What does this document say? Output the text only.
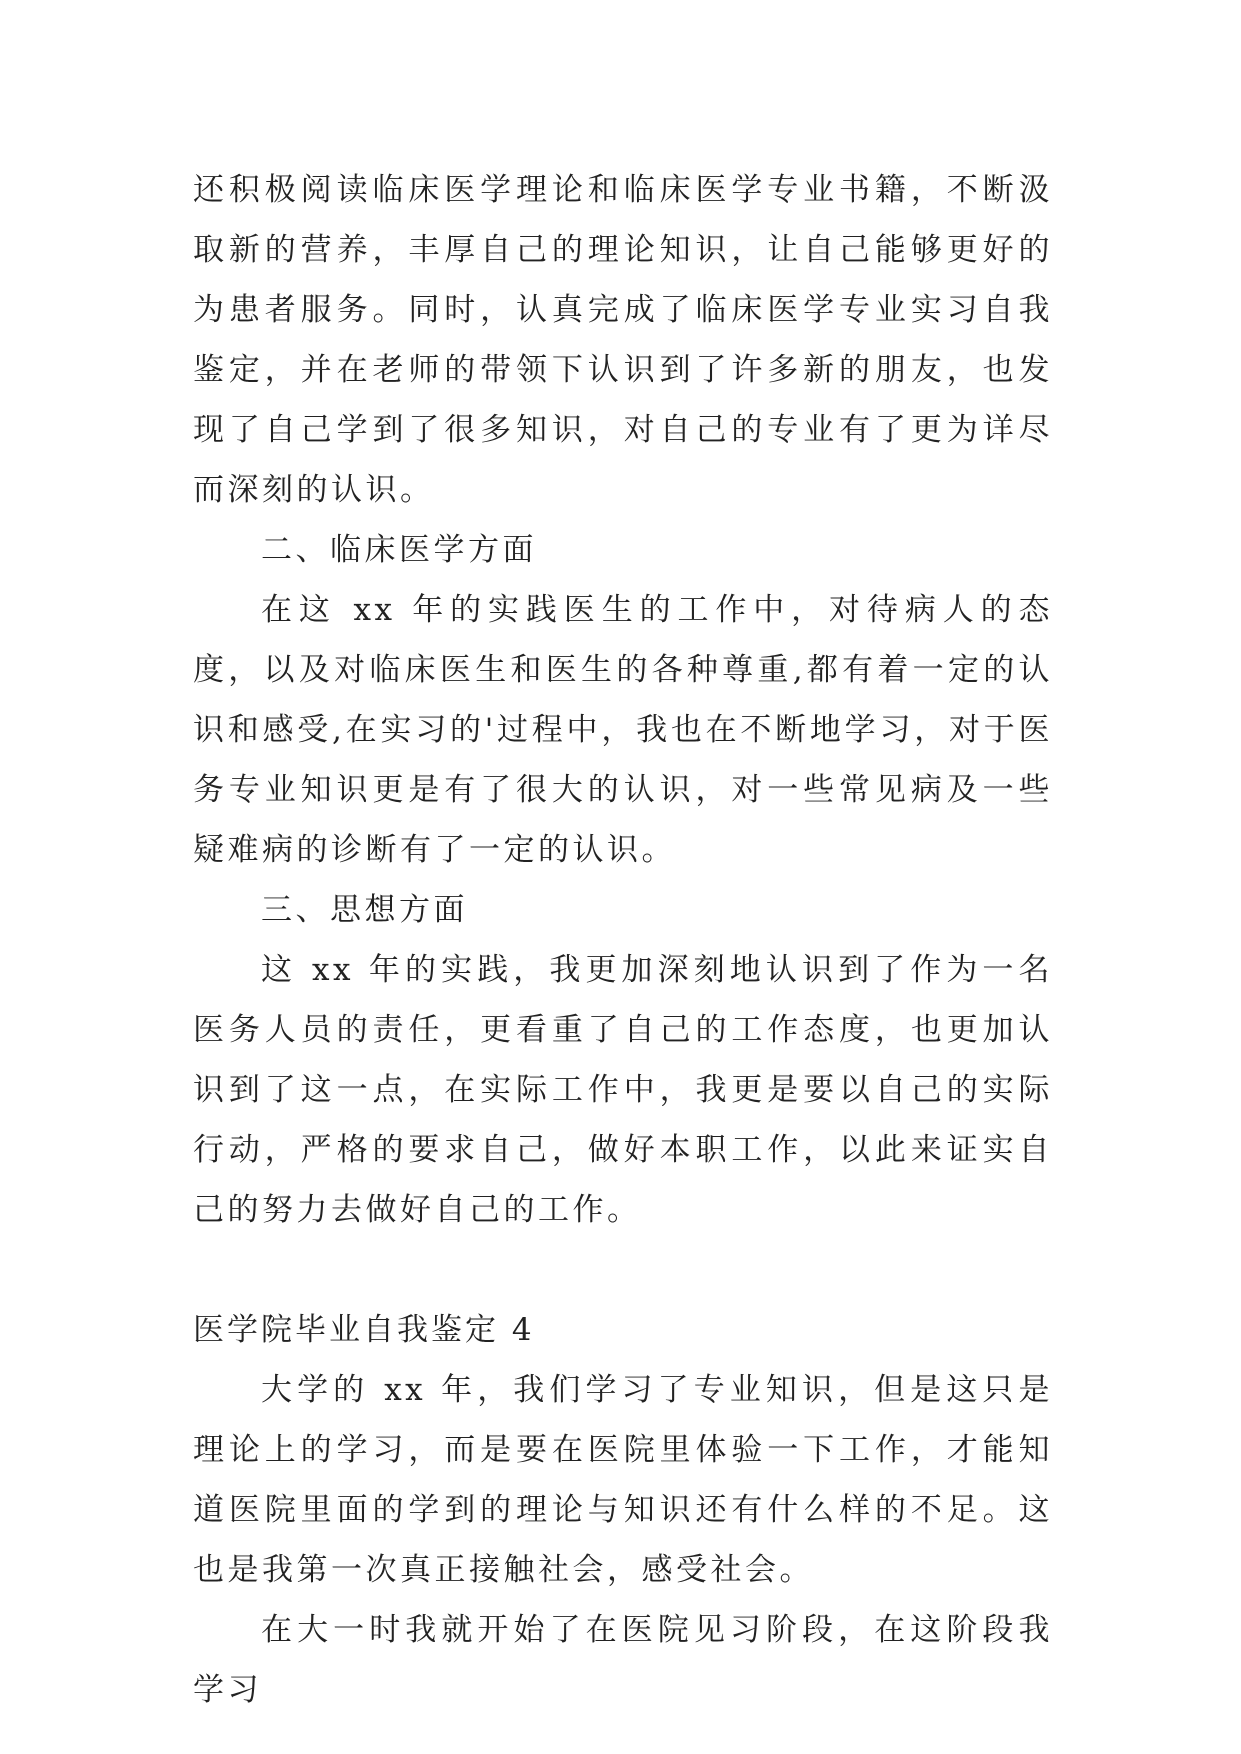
还积极阅读临床医学理论和临床医学专业书籍，不断汲取新的营养，丰厚自己的理论知识，让自己能够更好的为患者服务。同时，认真完成了临床医学专业实习自我鉴定，并在老师的带领下认识到了许多新的朋友，也发现了自己学到了很多知识，对自己的专业有了更为详尽而深刻的认识。

二、临床医学方面

在这 xx 年的实践医生的工作中，对待病人的态度，以及对临床医生和医生的各种尊重,都有着一定的认识和感受,在实习的'过程中，我也在不断地学习，对于医务专业知识更是有了很大的认识，对一些常见病及一些疑难病的诊断有了一定的认识。

三、思想方面

这 xx 年的实践，我更加深刻地认识到了作为一名医务人员的责任，更看重了自己的工作态度，也更加认识到了这一点，在实际工作中，我更是要以自己的实际行动，严格的要求自己，做好本职工作，以此来证实自己的努力去做好自己的工作。

医学院毕业自我鉴定 4

大学的 xx 年，我们学习了专业知识，但是这只是理论上的学习，而是要在医院里体验一下工作，才能知道医院里面的学到的理论与知识还有什么样的不足。这也是我第一次真正接触社会，感受社会。

在大一时我就开始了在医院见习阶段，在这阶段我学习
